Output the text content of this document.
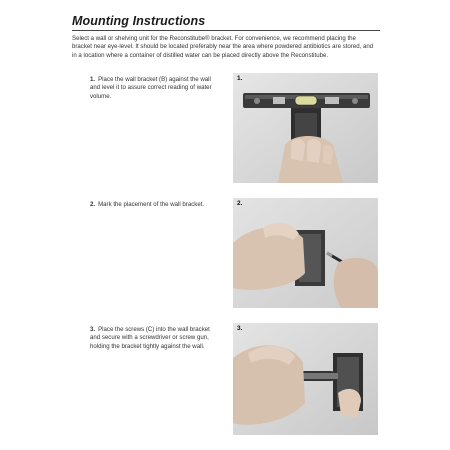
Mounting Instructions
Select a wall or shelving unit for the Reconstitube® bracket. For convenience, we recommend placing the bracket near eye-level. It should be located preferably near the area where powdered antibiotics are stored, and in a location where a container of distilled water can be placed directly above the Reconstitube.
1. Place the wall bracket (B) against the wall and level it to assure correct reading of water volume.
1.
2. Mark the placement of the wall bracket.	2.
3. Place the screws (C) into the wall bracket and secure with a screwdriver or screw gun, holding the bracket tightly against the wall.
3.
